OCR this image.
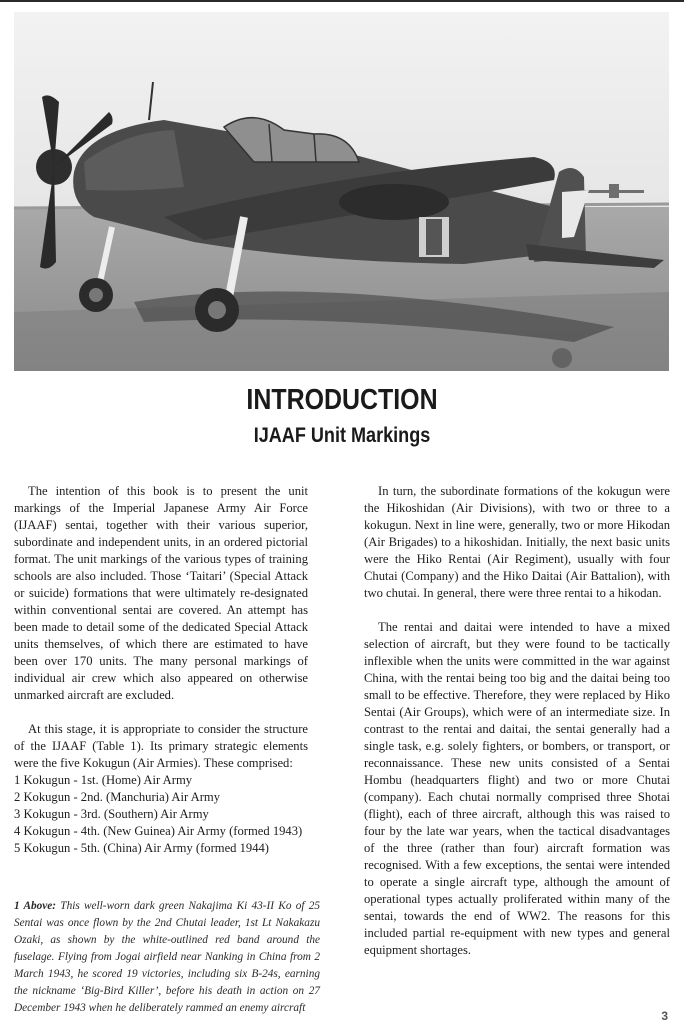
INTRODUCTION
IJAAF Unit Markings

The intention of this book is to present the unit markings of the Imperial Japanese Army Air Force (IJAAF) sentai, together with their various superior, subordinate and independent units, in an ordered pictorial format. The unit markings of the various types of training schools are also included. Those ‘Taitari’ (Special Attack or suicide) formations that were ultimately re-designated within conventional sentai are covered. An attempt has been made to detail some of the dedicated Special Attack units themselves, of which there are estimated to have been over 170 units. The many personal markings of individual air crew which also appeared on otherwise unmarked aircraft are excluded.

At this stage, it is appropriate to consider the structure of the IJAAF (Table 1). Its primary strategic elements were the five Kokugun (Air Armies). These comprised:

1 Kokugun - 1st. (Home) Air Army
2 Kokugun - 2nd. (Manchuria) Air Army
3 Kokugun - 3rd. (Southern) Air Army
4 Kokugun - 4th. (New Guinea) Air Army (formed 1943)
5 Kokugun - 5th. (China) Air Army (formed 1944)
1 Above: This well-worn dark green Nakajima Ki 43-II Ko of 25 Sentai was once flown by the 2nd Chutai leader, 1st Lt Nakakazu Ozaki, as shown by the white-outlined red band around the fuselage. Flying from Jogai airfield near Nanking in China from 2 March 1943, he scored 19 victories, including six B-24s, earning the nickname ‘Big-Bird Killer’, before his death in action on 27 December 1943 when he deliberately rammed an enemy aircraft

In turn, the subordinate formations of the kokugun were the Hikoshidan (Air Divisions), with two or three to a kokugun. Next in line were, generally, two or more Hikodan (Air Brigades) to a hikoshidan. Initially, the next basic units were the Hiko Rentai (Air Regiment), usually with four Chutai (Company) and the Hiko Daitai (Air Battalion), with two chutai. In general, there were three rentai to a hikodan.

The rentai and daitai were intended to have a mixed selection of aircraft, but they were found to be tactically inflexible when the units were committed in the war against China, with the rentai being too big and the daitai being too small to be effective. Therefore, they were replaced by Hiko Sentai (Air Groups), which were of an intermediate size. In contrast to the rentai and daitai, the sentai generally had a single task, e.g. solely fighters, or bombers, or transport, or reconnaissance. These new units consisted of a Sentai Hombu (headquarters flight) and two or more Chutai (company). Each chutai normally comprised three Shotai (flight), each of three aircraft, although this was raised to four by the late war years, when the tactical disadvantages of the three (rather than four) aircraft formation was recognised. With a few exceptions, the sentai were intended to operate a single aircraft type, although the amount of operational types actually proliferated within many of the sentai, towards the end of WW2. The reasons for this included partial re-equipment with new types and general equipment shortages.

3
